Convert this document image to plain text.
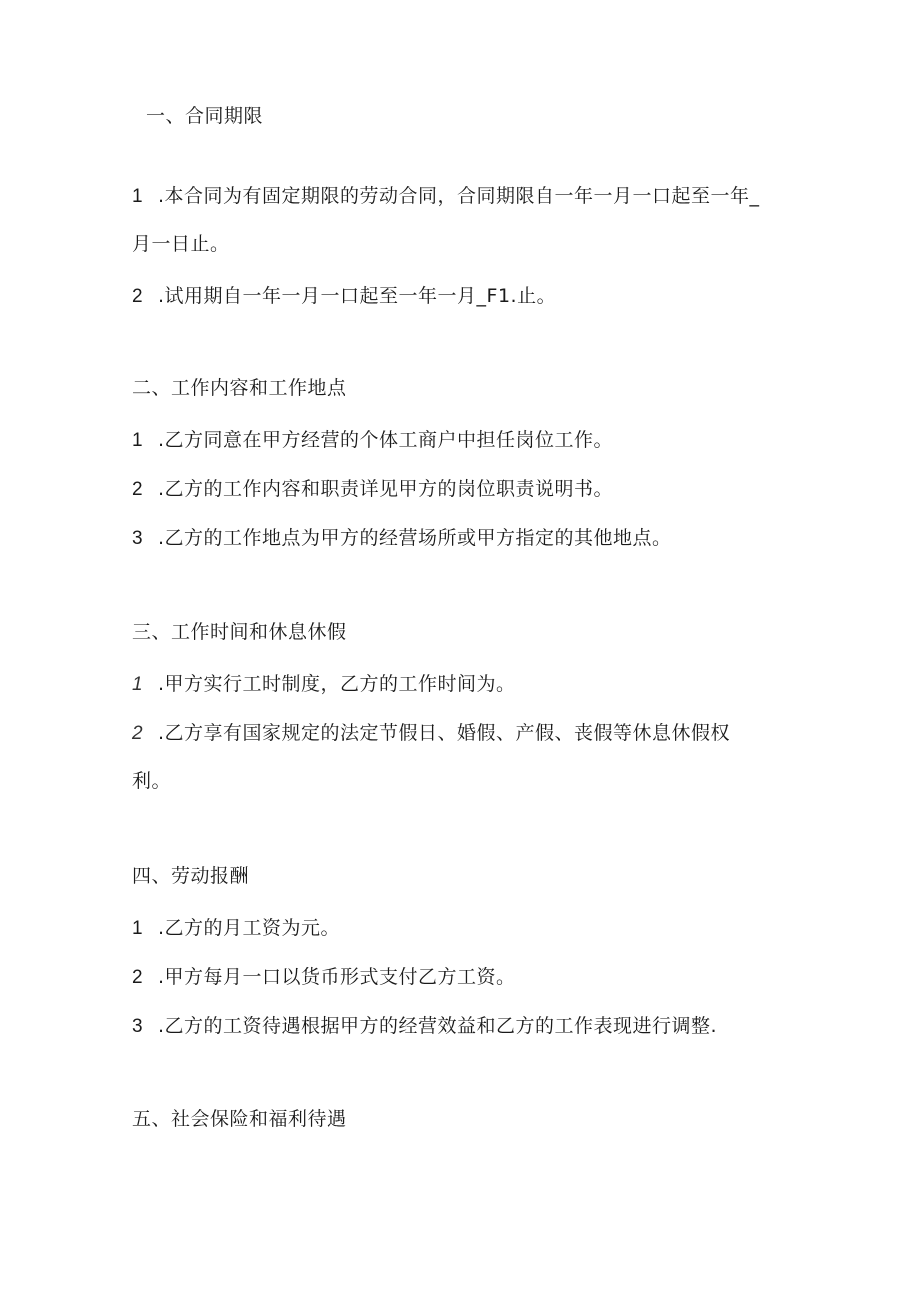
一、合同期限

1 .本合同为有固定期限的劳动合同，合同期限自一年一月一口起至一年_

月一日止。

2 .试用期自一年一月一口起至一年一月_F1.止。

二、工作内容和工作地点

1 .乙方同意在甲方经营的个体工商户中担任岗位工作。

2 .乙方的工作内容和职责详见甲方的岗位职责说明书。

3 .乙方的工作地点为甲方的经营场所或甲方指定的其他地点。

三、工作时间和休息休假

1 .甲方实行工时制度，乙方的工作时间为。

2 .乙方享有国家规定的法定节假日、婚假、产假、丧假等休息休假权

利。

四、劳动报酬

1 .乙方的月工资为元。

2 .甲方每月一口以货币形式支付乙方工资。

3 .乙方的工资待遇根据甲方的经营效益和乙方的工作表现进行调整.

五、社会保险和福利待遇
